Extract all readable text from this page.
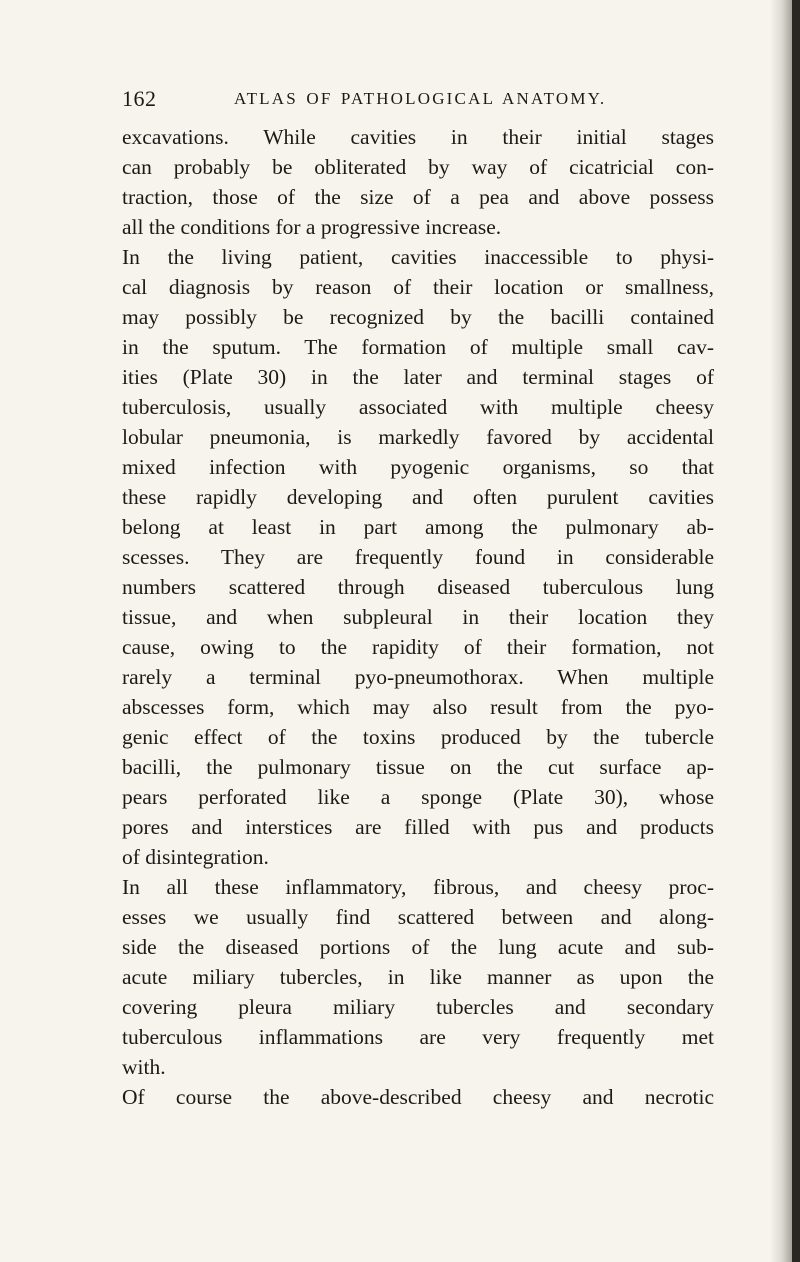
162	ATLAS OF PATHOLOGICAL ANATOMY.
excavations. While cavities in their initial stages
can probably be obliterated by way of cicatricial con-
traction, those of the size of a pea and above possess
all the conditions for a progressive increase.
In the living patient, cavities inaccessible to physi-
cal diagnosis by reason of their location or smallness,
may possibly be recognized by the bacilli contained
in the sputum. The formation of multiple small cav-
ities (Plate 30) in the later and terminal stages of
tuberculosis, usually associated with multiple cheesy
lobular pneumonia, is markedly favored by accidental
mixed infection with pyogenic organisms, so that
these rapidly developing and often purulent cavities
belong at least in part among the pulmonary ab-
scesses. They are frequently found in considerable
numbers scattered through diseased tuberculous lung
tissue, and when subpleural in their location they
cause, owing to the rapidity of their formation, not
rarely a terminal pyo-pneumothorax. When multiple
abscesses form, which may also result from the pyo-
genic effect of the toxins produced by the tubercle
bacilli, the pulmonary tissue on the cut surface ap-
pears perforated like a sponge (Plate 30), whose
pores and interstices are filled with pus and products
of disintegration.
In all these inflammatory, fibrous, and cheesy proc-
esses we usually find scattered between and along-
side the diseased portions of the lung acute and sub-
acute miliary tubercles, in like manner as upon the
covering pleura miliary tubercles and secondary
tuberculous inflammations are very frequently met
with.
Of course the above-described cheesy and necrotic
